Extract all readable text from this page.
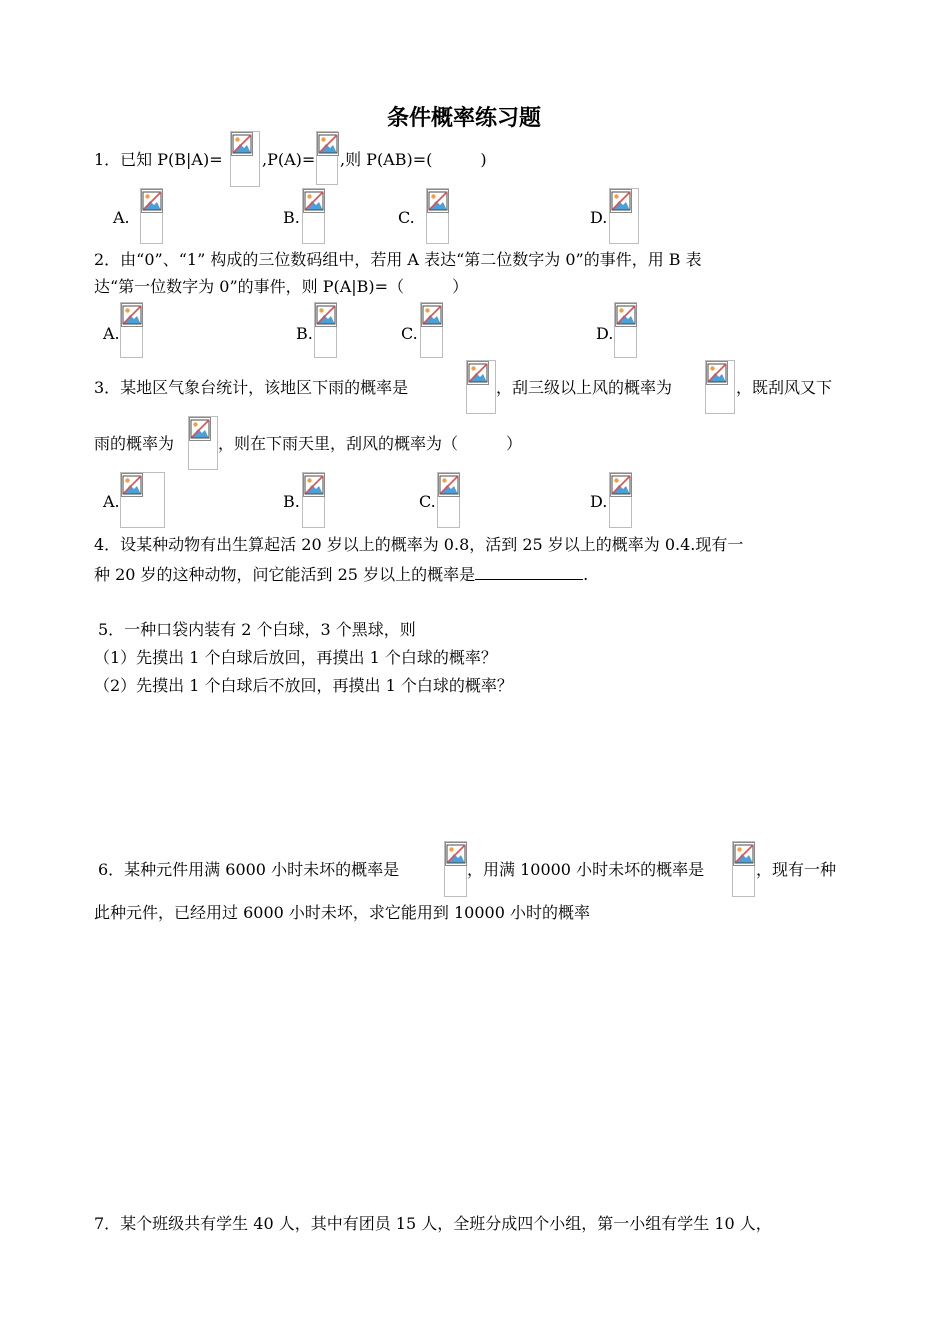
条件概率练习题
1．已知 P(B|A)= ,P(A)= ,则 P(AB)=(　　　)
A.	B.	C.	D.
2．由“0”、“1” 构成的三位数码组中，若用 A 表达“第二位数字为 0”的事件，用 B 表
达“第一位数字为 0”的事件，则 P(A|B)=（　　　）
A.	B.	C.	D.
3．某地区气象台统计，该地区下雨的概率是	，刮三级以上风的概率为	，既刮风又下
雨的概率为	，则在下雨天里，刮风的概率为（　　　）
A.	B.	C.	D.
4．设某种动物有出生算起活 20 岁以上的概率为 0.8，活到 25 岁以上的概率为 0.4.现有一
种 20 岁的这种动物，问它能活到 25 岁以上的概率是	.
5．一种口袋内装有 2 个白球，3 个黑球，则
（1）先摸出 1 个白球后放回，再摸出 1 个白球的概率？
（2）先摸出 1 个白球后不放回，再摸出 1 个白球的概率？
6．某种元件用满 6000 小时未坏的概率是	，用满 10000 小时未坏的概率是	，现有一种
此种元件，已经用过 6000 小时未坏，求它能用到 10000 小时的概率
7．某个班级共有学生 40 人，其中有团员 15 人，全班分成四个小组，第一小组有学生 10 人，
